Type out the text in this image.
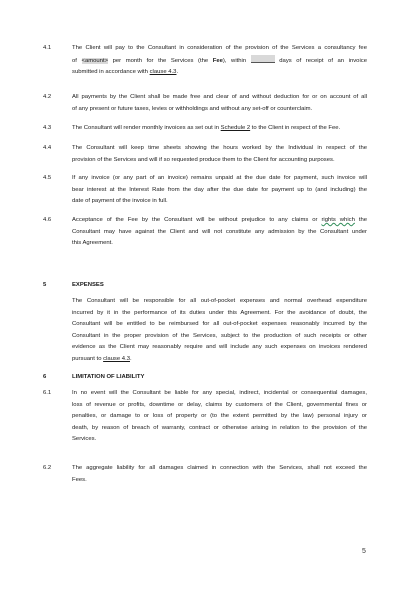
4.1	The Client will pay to the Consultant in consideration of the provision of the Services a consultancy fee
of <amount> per month for the Services (the Fee), within	days of receipt of an invoice
submitted in accordance with clause 4.3.
4.2	All payments by the Client shall be made free and clear of and without deduction for or on account of all
of any present or future taxes, levies or withholdings and without any set-off or counterclaim.
4.3	The Consultant will render monthly invoices as set out in Schedule 2 to the Client in respect of the Fee.
4.4	The Consultant will keep time sheets showing the hours worked by the Individual in respect of the
provision of the Services and will if so requested produce them to the Client for accounting purposes.
4.5	If any invoice (or any part of an invoice) remains unpaid at the due date for payment, such invoice will
bear interest at the Interest Rate from the day after the due date for payment up to (and including) the
date of payment of the invoice in full.
4.6	Acceptance of the Fee by the Consultant will be without prejudice to any claims or rights which the
Consultant may have against the Client and will not constitute any admission by the Consultant under
this Agreement.
5	EXPENSES
The Consultant will be responsible for all out-of-pocket expenses and normal overhead expenditure
incurred by it in the performance of its duties under this Agreement. For the avoidance of doubt, the
Consultant will be entitled to be reimbursed for all out-of-pocket expenses reasonably incurred by the
Consultant in the proper provision of the Services, subject to the production of such receipts or other
evidence as the Client may reasonably require and will include any such expenses on invoices rendered
pursuant to clause 4.3.
6	LIMITATION OF LIABILITY
6.1	In no event will the Consultant be liable for any special, indirect, incidental or consequential damages,
loss of revenue or profits, downtime or delay, claims by customers of the Client, governmental fines or
penalties, or damage to or loss of property or (to the extent permitted by the law) personal injury or
death, by reason of breach of warranty, contract or otherwise arising in relation to the provision of the
Services.
6.2	The aggregate liability for all damages claimed in connection with the Services, shall not exceed the
Fees.
5
